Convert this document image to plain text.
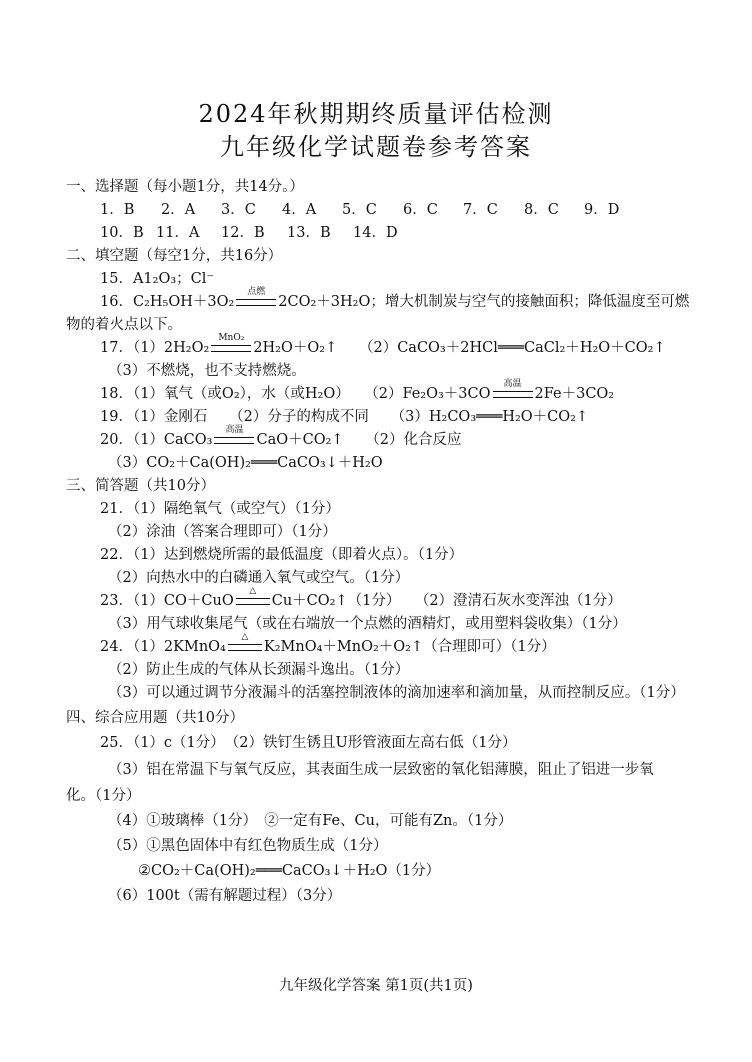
2024年秋期期终质量评估检测
九年级化学试题卷参考答案
一、选择题（每小题1分，共14分。）
1．B 2．A 3．C 4．A 5．C 6．C 7．C 8．C 9．D
10．B 11．A 12．B 13．B 14．D
二、填空题（每空1分，共16分）
15．A1₂O₃；Cl⁻
16．C₂H₅OH＋3O₂
点燃
2CO₂＋3H₂O；增大机制炭与空气的接触面积；降低温度至可燃
物的着火点以下。
17．（1）2H₂O₂
MnO₂
2H₂O＋O₂↑　　（2）CaCO₃＋2HCl═══CaCl₂＋H₂O＋CO₂↑
（3）不燃烧，也不支持燃烧。
18．（1）氧气（或O₂），水（或H₂O）　　（2）Fe₂O₃＋3CO
高温
2Fe＋3CO₂
19．（1）金刚石　　（2）分子的构成不同　　（3）H₂CO₃═══H₂O＋CO₂↑
20．（1）CaCO₃
高温
CaO＋CO₂↑　　（2）化合反应
（3）CO₂＋Ca(OH)₂═══CaCO₃↓＋H₂O
三、简答题（共10分）
21．（1）隔绝氧气（或空气）（1分）
（2）涂油（答案合理即可）（1分）
22．（1）达到燃烧所需的最低温度（即着火点）。（1分）
（2）向热水中的白磷通入氧气或空气。（1分）
23．（1）CO＋CuO
△
Cu＋CO₂↑（1分）　　（2）澄清石灰水变浑浊（1分）
（3）用气球收集尾气（或在右端放一个点燃的酒精灯，或用塑料袋收集）（1分）
24．（1）2KMnO₄
△
K₂MnO₄＋MnO₂＋O₂↑（合理即可）（1分）
（2）防止生成的气体从长颈漏斗逸出。（1分）
（3）可以通过调节分液漏斗的活塞控制液体的滴加速率和滴加量，从而控制反应。（1分）
四、综合应用题（共10分）
25．（1）c（1分）　（2）铁钉生锈且U形管液面左高右低（1分）
（3）铝在常温下与氧气反应，其表面生成一层致密的氧化铝薄膜，阻止了铝进一步氧
化。（1分）
（4）①玻璃棒（1分）　②一定有Fe、Cu，可能有Zn。（1分）
（5）①黑色固体中有红色物质生成（1分）
②CO₂＋Ca(OH)₂═══CaCO₃↓＋H₂O（1分）
（6）100t（需有解题过程）（3分）
九年级化学答案 第1页(共1页)
